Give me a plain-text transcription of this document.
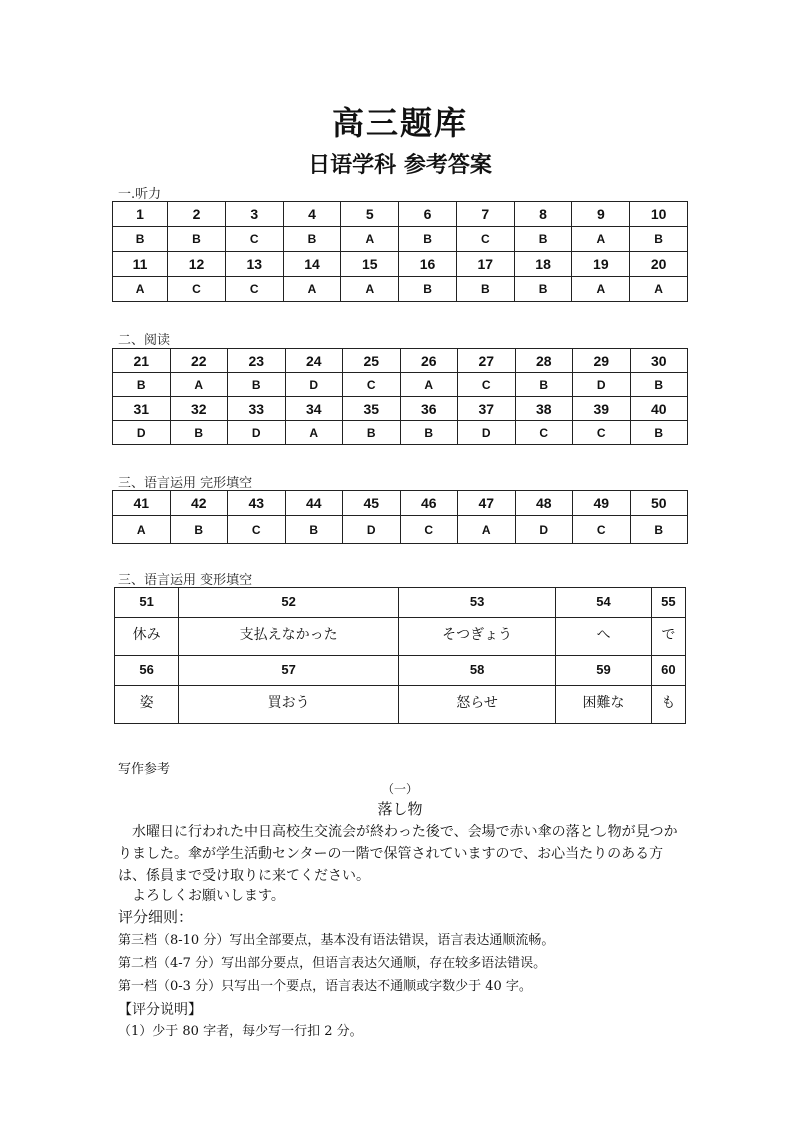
高三题库
日语学科 参考答案
一.听力
1	2	3	4	5	6	7	8	9	10
B	B	C	B	A	B	C	B	A	B
11	12	13	14	15	16	17	18	19	20
A	C	C	A	A	B	B	B	A	A
二、阅读
21	22	23	24	25	26	27	28	29	30
B	A	B	D	C	A	C	B	D	B
31	32	33	34	35	36	37	38	39	40
D	B	D	A	B	B	D	C	C	B
三、语言运用 完形填空
41	42	43	44	45	46	47	48	49	50
A	B	C	B	D	C	A	D	C	B
三、语言运用 变形填空
51	52	53	54	55
休み	支払えなかった	そつぎょう	へ	で
56	57	58	59	60
姿	買おう	怒らせ	困難な	も
写作参考
（一）
落し物
水曜日に行われた中日高校生交流会が終わった後で、会場で赤い傘の落とし物が見つかりました。傘が学生活動センターの一階で保管されていますので、お心当たりのある方は、係員まで受け取りに来てください。
よろしくお願いします。
评分细则：
第三档（8-10 分）写出全部要点，基本没有语法错误，语言表达通顺流畅。
第二档（4-7 分）写出部分要点，但语言表达欠通顺，存在较多语法错误。
第一档（0-3 分）只写出一个要点，语言表达不通顺或字数少于 40 字。
【评分说明】
（1）少于 80 字者，每少写一行扣 2 分。
